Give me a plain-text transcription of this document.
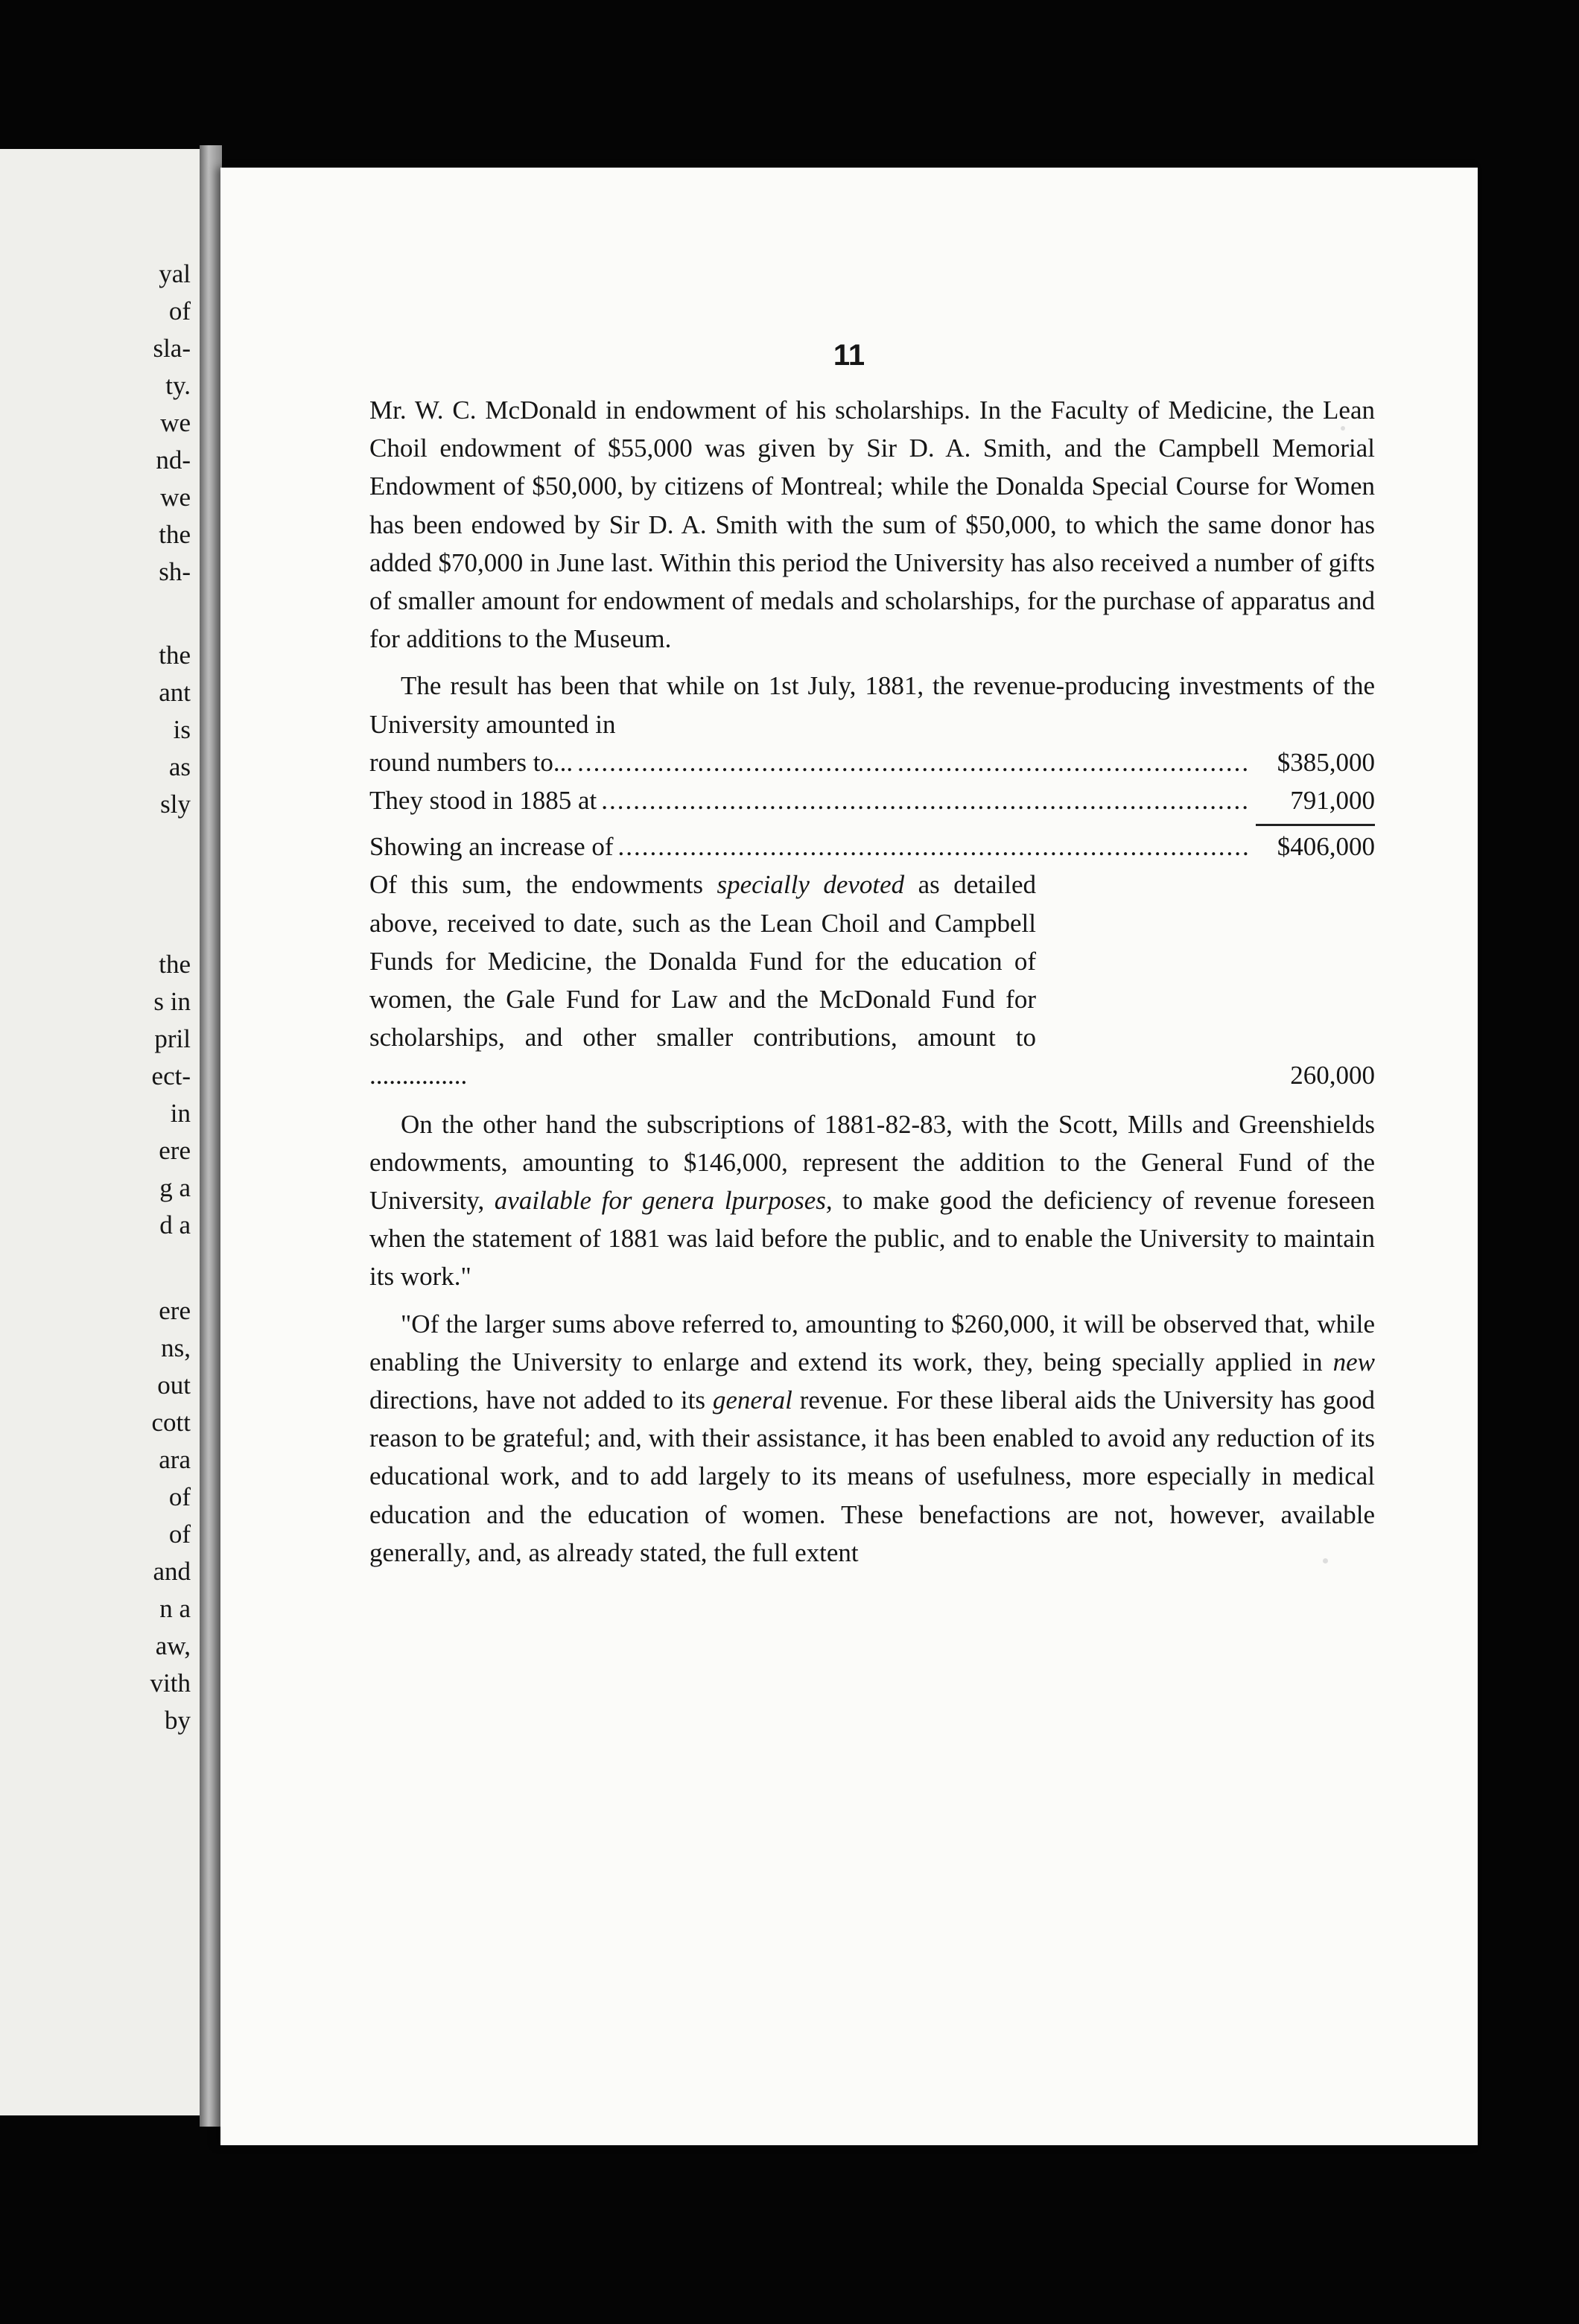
yal
of
sla-
ty.
we
nd-
we
the
sh-
the
ant
is
as
sly
the
s in
pril
ect-
in
ere
g a
d a
ere
ns,
out
cott
ara
of
of
and
n a
aw,
vith
by
11

Mr. W. C. McDonald in endowment of his scholarships. In the Faculty of Medicine, the Lean Choil endowment of $55,000 was given by Sir D. A. Smith, and the Campbell Memorial Endowment of $50,000, by citizens of Montreal; while the Donalda Special Course for Women has been endowed by Sir D. A. Smith with the sum of $50,000, to which the same donor has added $70,000 in June last. Within this period the University has also received a number of gifts of smaller amount for endowment of medals and scholarships, for the purchase of apparatus and for additions to the Museum.

The result has been that while on 1st July, 1881, the revenue-producing investments of the University amounted in

round numbers to... .....	$385,000
They stood in 1885 at .....	791,000
Showing an increase of .....	$406,000
Of this sum, the endowments specially devoted as detailed above, received to date, such as the Lean Choil and Campbell Funds for Medicine, the Donalda Fund for the education of women, the Gale Fund for Law and the McDonald Fund for scholarships, and other smaller contributions, amount to ...............	260,000

On the other hand the subscriptions of 1881-82-83, with the Scott, Mills and Greenshields endowments, amounting to $146,000, represent the addition to the General Fund of the University, available for genera lpurposes, to make good the deficiency of revenue foreseen when the statement of 1881 was laid before the public, and to enable the University to maintain its work."

"Of the larger sums above referred to, amounting to $260,000, it will be observed that, while enabling the University to enlarge and extend its work, they, being specially applied in new directions, have not added to its general revenue. For these liberal aids the University has good reason to be grateful; and, with their assistance, it has been enabled to avoid any reduction of its educational work, and to add largely to its means of usefulness, more especially in medical education and the education of women. These benefactions are not, however, available generally, and, as already stated, the full extent
